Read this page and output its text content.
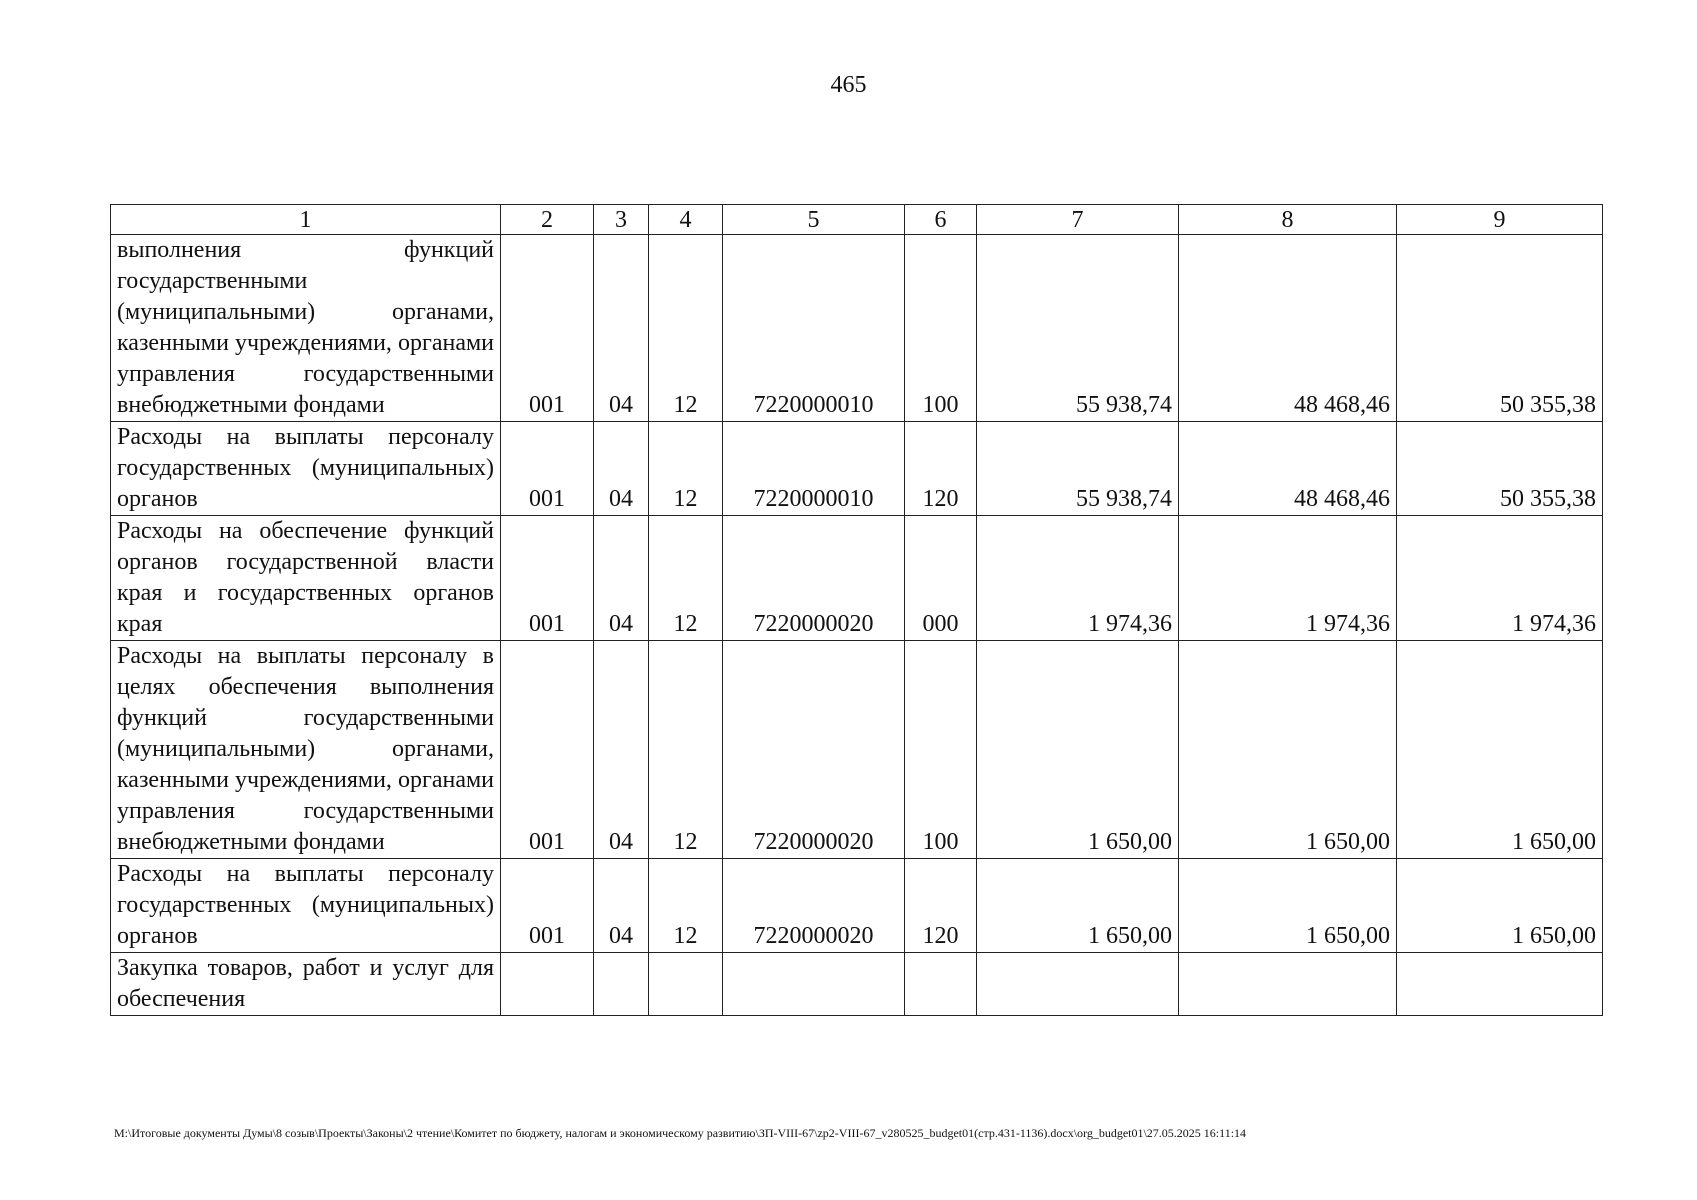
465
1	2	3	4	5	6	7	8	9
выполнения функций государственными (муниципальными) органами, казенными учреждениями, органами управления государственными внебюджетными фондами	001	04	12	7220000010	100	55 938,74	48 468,46	50 355,38
Расходы на выплаты персоналу государственных (муниципальных) органов	001	04	12	7220000010	120	55 938,74	48 468,46	50 355,38
Расходы на обеспечение функций органов государственной власти края и государственных органов края	001	04	12	7220000020	000	1 974,36	1 974,36	1 974,36
Расходы на выплаты персоналу в целях обеспечения выполнения функций государственными (муниципальными) органами, казенными учреждениями, органами управления государственными внебюджетными фондами	001	04	12	7220000020	100	1 650,00	1 650,00	1 650,00
Расходы на выплаты персоналу государственных (муниципальных) органов	001	04	12	7220000020	120	1 650,00	1 650,00	1 650,00
Закупка товаров, работ и услуг для обеспечения								
M:\Итоговые документы Думы\8 созыв\Проекты\Законы\2 чтение\Комитет по бюджету, налогам и экономическому развитию\ЗП-VIII-67\zp2-VIII-67_v280525_budget01(стр.431-1136).docx\org_budget01\27.05.2025 16:11:14
